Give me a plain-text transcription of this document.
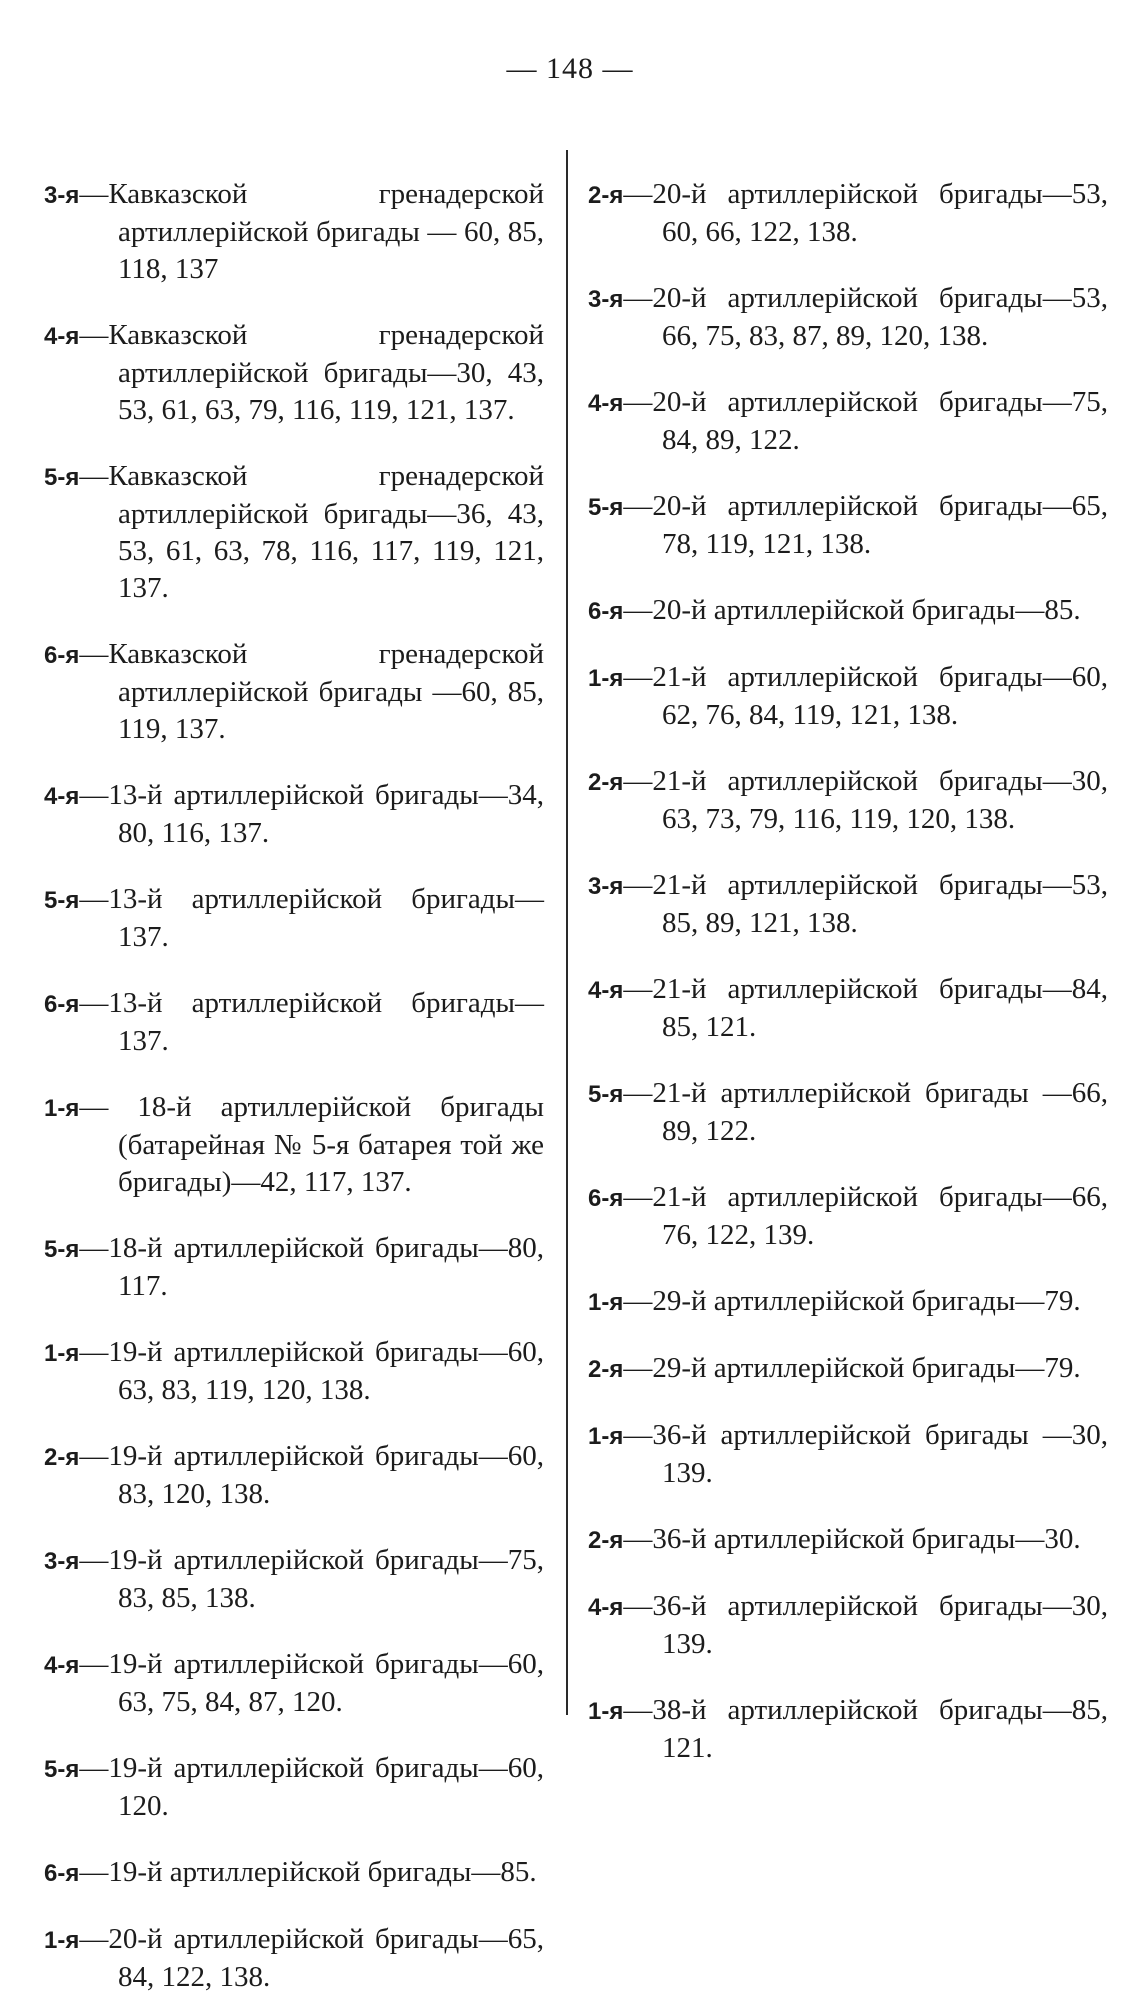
— 148 —

3-я—Кавказской гренадерской артиллерійской бригады — 60, 85, 118, 137

4-я—Кавказской гренадерской артиллерійской бригады—30, 43, 53, 61, 63, 79, 116, 119, 121, 137.

5-я—Кавказской гренадерской артиллерійской бригады—36, 43, 53, 61, 63, 78, 116, 117, 119, 121, 137.

6-я—Кавказской гренадерской артиллерійской бригады —60, 85, 119, 137.

4-я—13-й артиллерійской бригады—34, 80, 116, 137.

5-я—13-й артиллерійской бригады—137.

6-я—13-й артиллерійской бригады—137.

1-я— 18-й артиллерійской бригады (батарейная № 5-я батарея той же бригады)—42, 117, 137.

5-я—18-й артиллерійской бригады—80, 117.

1-я—19-й артиллерійской бригады—60, 63, 83, 119, 120, 138.

2-я—19-й артиллерійской бригады—60, 83, 120, 138.

3-я—19-й артиллерійской бригады—75, 83, 85, 138.

4-я—19-й артиллерійской бригады—60, 63, 75, 84, 87, 120.

5-я—19-й артиллерійской бригады—60, 120.

6-я—19-й артиллерійской бригады—85.

1-я—20-й артиллерійской бригады—65, 84, 122, 138.

2-я—20-й артиллерійской бригады—53, 60, 66, 122, 138.

3-я—20-й артиллерійской бригады—53, 66, 75, 83, 87, 89, 120, 138.

4-я—20-й артиллерійской бригады—75, 84, 89, 122.

5-я—20-й артиллерійской бригады—65, 78, 119, 121, 138.

6-я—20-й артиллерійской бригады—85.

1-я—21-й артиллерійской бригады—60, 62, 76, 84, 119, 121, 138.

2-я—21-й артиллерійской бригады—30, 63, 73, 79, 116, 119, 120, 138.

3-я—21-й артиллерійской бригады—53, 85, 89, 121, 138.

4-я—21-й артиллерійской бригады—84, 85, 121.

5-я—21-й артиллерійской бригады —66, 89, 122.

6-я—21-й артиллерійской бригады—66, 76, 122, 139.

1-я—29-й артиллерійской бригады—79.

2-я—29-й артиллерійской бригады—79.

1-я—36-й артиллерійской бригады —30, 139.

2-я—36-й артиллерійской бригады—30.

4-я—36-й артиллерійской бригады—30, 139.

1-я—38-й артиллерійской бригады—85, 121.
